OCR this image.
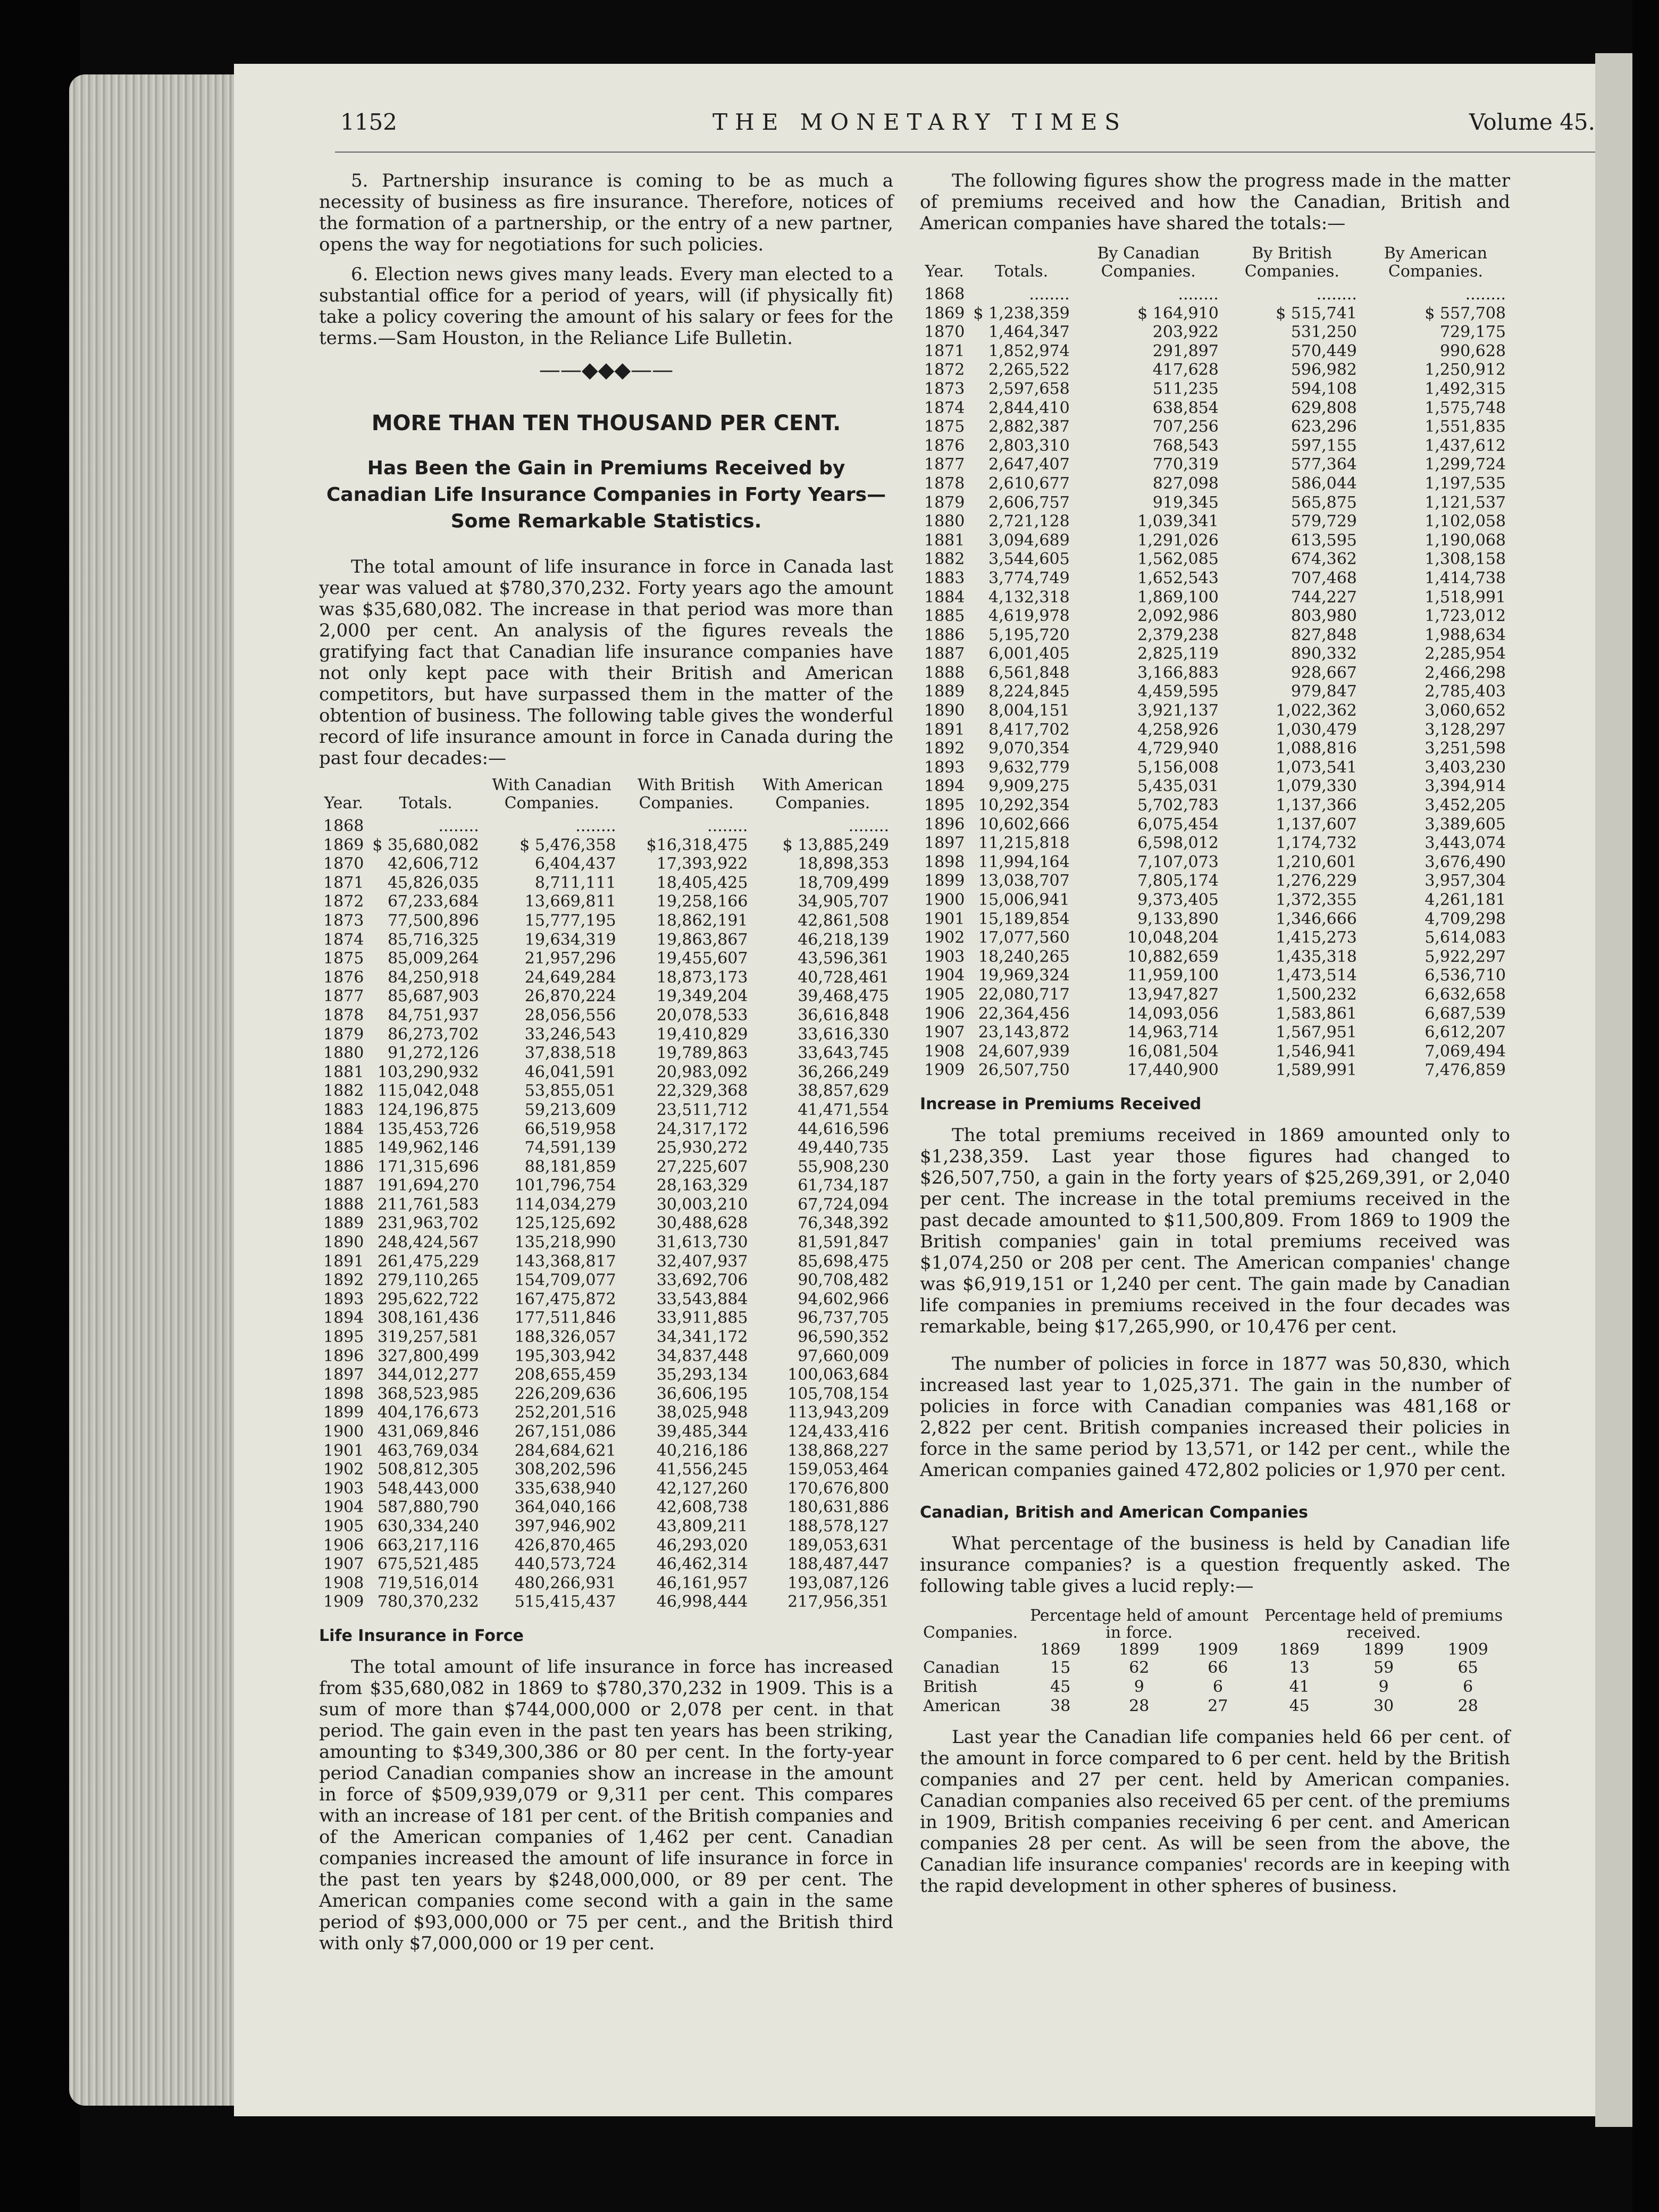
1152	THE MONETARY TIMES	Volume 45.

5. Partnership insurance is coming to be as much a necessity of business as fire insurance. Therefore, notices of the formation of a partnership, or the entry of a new partner, opens the way for negotiations for such policies.

6. Election news gives many leads. Every man elected to a substantial office for a period of years, will (if physically fit) take a policy covering the amount of his salary or fees for the terms.—Sam Houston, in the Reliance Life Bulletin.

——◆◆◆——
MORE THAN TEN THOUSAND PER CENT.
Has Been the Gain in Premiums Received by Canadian Life Insurance Companies in Forty Years—Some Remarkable Statistics.

The total amount of life insurance in force in Canada last year was valued at $780,370,232. Forty years ago the amount was $35,680,082. The increase in that period was more than 2,000 per cent. An analysis of the figures reveals the gratifying fact that Canadian life insurance companies have not only kept pace with their British and American competitors, but have surpassed them in the matter of the obtention of business. The following table gives the wonderful record of life insurance amount in force in Canada during the past four decades:—

Year.	Totals.	With Canadian Companies.	With British Companies.	With American Companies.
1868	........	........	........	........
1869	$ 35,680,082	$ 5,476,358	$16,318,475	$ 13,885,249
1870	42,606,712	6,404,437	17,393,922	18,898,353
1871	45,826,035	8,711,111	18,405,425	18,709,499
1872	67,233,684	13,669,811	19,258,166	34,905,707
1873	77,500,896	15,777,195	18,862,191	42,861,508
1874	85,716,325	19,634,319	19,863,867	46,218,139
1875	85,009,264	21,957,296	19,455,607	43,596,361
1876	84,250,918	24,649,284	18,873,173	40,728,461
1877	85,687,903	26,870,224	19,349,204	39,468,475
1878	84,751,937	28,056,556	20,078,533	36,616,848
1879	86,273,702	33,246,543	19,410,829	33,616,330
1880	91,272,126	37,838,518	19,789,863	33,643,745
1881	103,290,932	46,041,591	20,983,092	36,266,249
1882	115,042,048	53,855,051	22,329,368	38,857,629
1883	124,196,875	59,213,609	23,511,712	41,471,554
1884	135,453,726	66,519,958	24,317,172	44,616,596
1885	149,962,146	74,591,139	25,930,272	49,440,735
1886	171,315,696	88,181,859	27,225,607	55,908,230
1887	191,694,270	101,796,754	28,163,329	61,734,187
1888	211,761,583	114,034,279	30,003,210	67,724,094
1889	231,963,702	125,125,692	30,488,628	76,348,392
1890	248,424,567	135,218,990	31,613,730	81,591,847
1891	261,475,229	143,368,817	32,407,937	85,698,475
1892	279,110,265	154,709,077	33,692,706	90,708,482
1893	295,622,722	167,475,872	33,543,884	94,602,966
1894	308,161,436	177,511,846	33,911,885	96,737,705
1895	319,257,581	188,326,057	34,341,172	96,590,352
1896	327,800,499	195,303,942	34,837,448	97,660,009
1897	344,012,277	208,655,459	35,293,134	100,063,684
1898	368,523,985	226,209,636	36,606,195	105,708,154
1899	404,176,673	252,201,516	38,025,948	113,943,209
1900	431,069,846	267,151,086	39,485,344	124,433,416
1901	463,769,034	284,684,621	40,216,186	138,868,227
1902	508,812,305	308,202,596	41,556,245	159,053,464
1903	548,443,000	335,638,940	42,127,260	170,676,800
1904	587,880,790	364,040,166	42,608,738	180,631,886
1905	630,334,240	397,946,902	43,809,211	188,578,127
1906	663,217,116	426,870,465	46,293,020	189,053,631
1907	675,521,485	440,573,724	46,462,314	188,487,447
1908	719,516,014	480,266,931	46,161,957	193,087,126
1909	780,370,232	515,415,437	46,998,444	217,956,351
Life Insurance in Force

The total amount of life insurance in force has increased from $35,680,082 in 1869 to $780,370,232 in 1909. This is a sum of more than $744,000,000 or 2,078 per cent. in that period. The gain even in the past ten years has been striking, amounting to $349,300,386 or 80 per cent. In the forty-year period Canadian companies show an increase in the amount in force of $509,939,079 or 9,311 per cent. This compares with an increase of 181 per cent. of the British companies and of the American companies of 1,462 per cent. Canadian companies increased the amount of life insurance in force in the past ten years by $248,000,000, or 89 per cent. The American companies come second with a gain in the same period of $93,000,000 or 75 per cent., and the British third with only $7,000,000 or 19 per cent.

The following figures show the progress made in the matter of premiums received and how the Canadian, British and American companies have shared the totals:—

Year.	Totals.	By Canadian Companies.	By British Companies.	By American Companies.
1868	........	........	........	........
1869	$ 1,238,359	$ 164,910	$ 515,741	$ 557,708
1870	1,464,347	203,922	531,250	729,175
1871	1,852,974	291,897	570,449	990,628
1872	2,265,522	417,628	596,982	1,250,912
1873	2,597,658	511,235	594,108	1,492,315
1874	2,844,410	638,854	629,808	1,575,748
1875	2,882,387	707,256	623,296	1,551,835
1876	2,803,310	768,543	597,155	1,437,612
1877	2,647,407	770,319	577,364	1,299,724
1878	2,610,677	827,098	586,044	1,197,535
1879	2,606,757	919,345	565,875	1,121,537
1880	2,721,128	1,039,341	579,729	1,102,058
1881	3,094,689	1,291,026	613,595	1,190,068
1882	3,544,605	1,562,085	674,362	1,308,158
1883	3,774,749	1,652,543	707,468	1,414,738
1884	4,132,318	1,869,100	744,227	1,518,991
1885	4,619,978	2,092,986	803,980	1,723,012
1886	5,195,720	2,379,238	827,848	1,988,634
1887	6,001,405	2,825,119	890,332	2,285,954
1888	6,561,848	3,166,883	928,667	2,466,298
1889	8,224,845	4,459,595	979,847	2,785,403
1890	8,004,151	3,921,137	1,022,362	3,060,652
1891	8,417,702	4,258,926	1,030,479	3,128,297
1892	9,070,354	4,729,940	1,088,816	3,251,598
1893	9,632,779	5,156,008	1,073,541	3,403,230
1894	9,909,275	5,435,031	1,079,330	3,394,914
1895	10,292,354	5,702,783	1,137,366	3,452,205
1896	10,602,666	6,075,454	1,137,607	3,389,605
1897	11,215,818	6,598,012	1,174,732	3,443,074
1898	11,994,164	7,107,073	1,210,601	3,676,490
1899	13,038,707	7,805,174	1,276,229	3,957,304
1900	15,006,941	9,373,405	1,372,355	4,261,181
1901	15,189,854	9,133,890	1,346,666	4,709,298
1902	17,077,560	10,048,204	1,415,273	5,614,083
1903	18,240,265	10,882,659	1,435,318	5,922,297
1904	19,969,324	11,959,100	1,473,514	6,536,710
1905	22,080,717	13,947,827	1,500,232	6,632,658
1906	22,364,456	14,093,056	1,583,861	6,687,539
1907	23,143,872	14,963,714	1,567,951	6,612,207
1908	24,607,939	16,081,504	1,546,941	7,069,494
1909	26,507,750	17,440,900	1,589,991	7,476,859
Increase in Premiums Received

The total premiums received in 1869 amounted only to $1,238,359. Last year those figures had changed to $26,507,750, a gain in the forty years of $25,269,391, or 2,040 per cent. The increase in the total premiums received in the past decade amounted to $11,500,809. From 1869 to 1909 the British companies' gain in total premiums received was $1,074,250 or 208 per cent. The American companies' change was $6,919,151 or 1,240 per cent. The gain made by Canadian life companies in premiums received in the four decades was remarkable, being $17,265,990, or 10,476 per cent.

The number of policies in force in 1877 was 50,830, which increased last year to 1,025,371. The gain in the number of policies in force with Canadian companies was 481,168 or 2,822 per cent. British companies increased their policies in force in the same period by 13,571, or 142 per cent., while the American companies gained 472,802 policies or 1,970 per cent.

Canadian, British and American Companies

What percentage of the business is held by Canadian life insurance companies? is a question frequently asked. The following table gives a lucid reply:—

Companies.	Percentage held of amount in force.			Percentage held of premiums received.		
	1869	1899	1909	1869	1899	1909
Canadian	15	62	66	13	59	65
British	45	9	6	41	9	6
American	38	28	27	45	30	28

Last year the Canadian life companies held 66 per cent. of the amount in force compared to 6 per cent. held by the British companies and 27 per cent. held by American companies. Canadian companies also received 65 per cent. of the premiums in 1909, British companies receiving 6 per cent. and American companies 28 per cent. As will be seen from the above, the Canadian life insurance companies' records are in keeping with the rapid development in other spheres of business.
